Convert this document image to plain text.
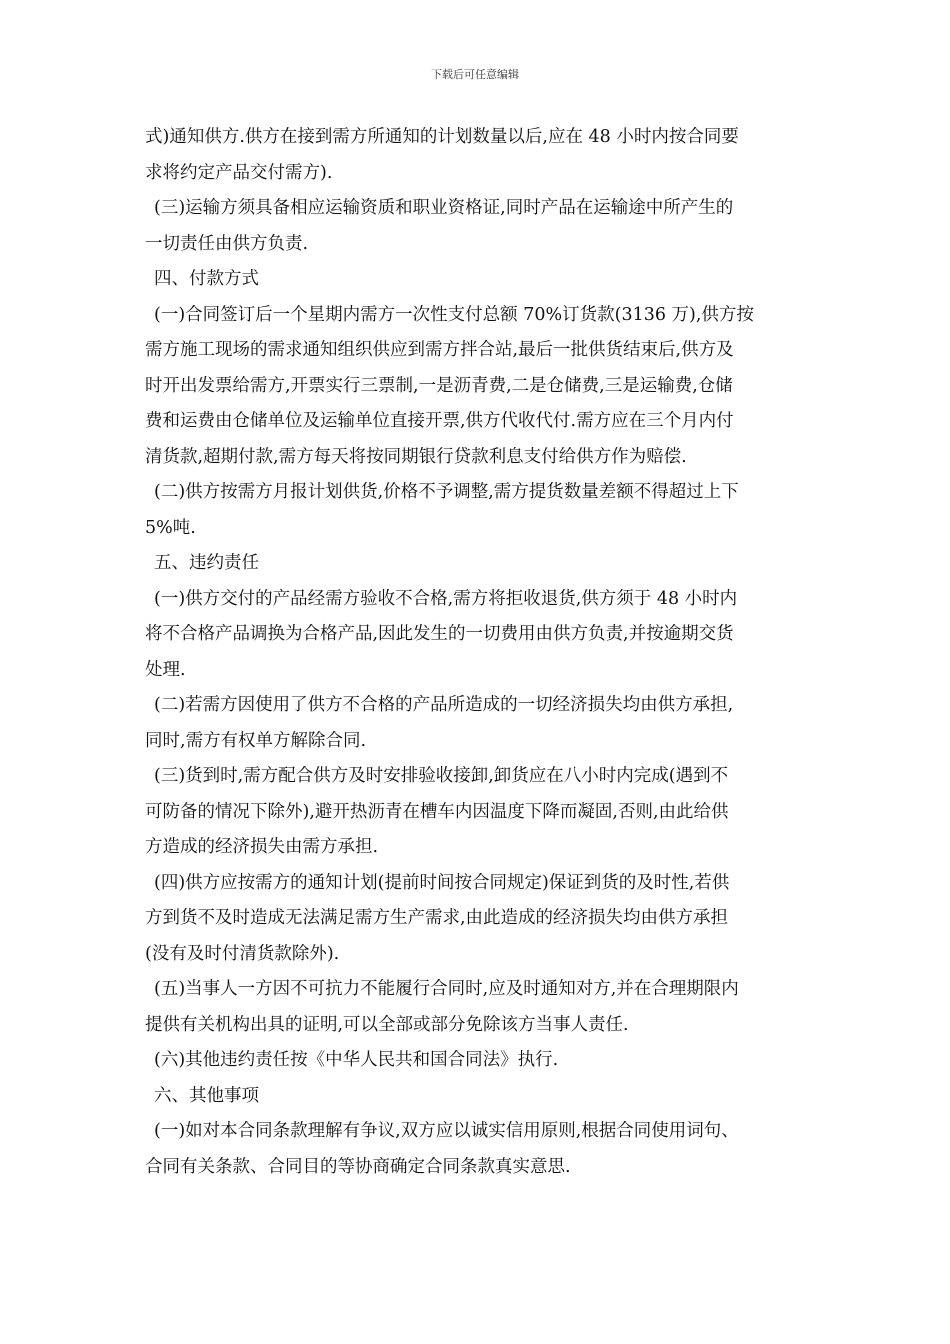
下载后可任意编辑
式)通知供方.供方在接到需方所通知的计划数量以后,应在 48 小时内按合同要
求将约定产品交付需方).
(三)运输方须具备相应运输资质和职业资格证,同时产品在运输途中所产生的
一切责任由供方负责.
四、付款方式
(一)合同签订后一个星期内需方一次性支付总额 70%订货款(3136 万),供方按
需方施工现场的需求通知组织供应到需方拌合站,最后一批供货结束后,供方及
时开出发票给需方,开票实行三票制,一是沥青费,二是仓储费,三是运输费,仓储
费和运费由仓储单位及运输单位直接开票,供方代收代付.需方应在三个月内付
清货款,超期付款,需方每天将按同期银行贷款利息支付给供方作为赔偿.
(二)供方按需方月报计划供货,价格不予调整,需方提货数量差额不得超过上下
5%吨.
五、违约责任
(一)供方交付的产品经需方验收不合格,需方将拒收退货,供方须于 48 小时内
将不合格产品调换为合格产品,因此发生的一切费用由供方负责,并按逾期交货
处理.
(二)若需方因使用了供方不合格的产品所造成的一切经济损失均由供方承担,
同时,需方有权单方解除合同.
(三)货到时,需方配合供方及时安排验收接卸,卸货应在八小时内完成(遇到不
可防备的情况下除外),避开热沥青在槽车内因温度下降而凝固,否则,由此给供
方造成的经济损失由需方承担.
(四)供方应按需方的通知计划(提前时间按合同规定)保证到货的及时性,若供
方到货不及时造成无法满足需方生产需求,由此造成的经济损失均由供方承担
(没有及时付清货款除外).
(五)当事人一方因不可抗力不能履行合同时,应及时通知对方,并在合理期限内
提供有关机构出具的证明,可以全部或部分免除该方当事人责任.
(六)其他违约责任按《中华人民共和国合同法》执行.
六、其他事项
(一)如对本合同条款理解有争议,双方应以诚实信用原则,根据合同使用词句、
合同有关条款、合同目的等协商确定合同条款真实意思.
